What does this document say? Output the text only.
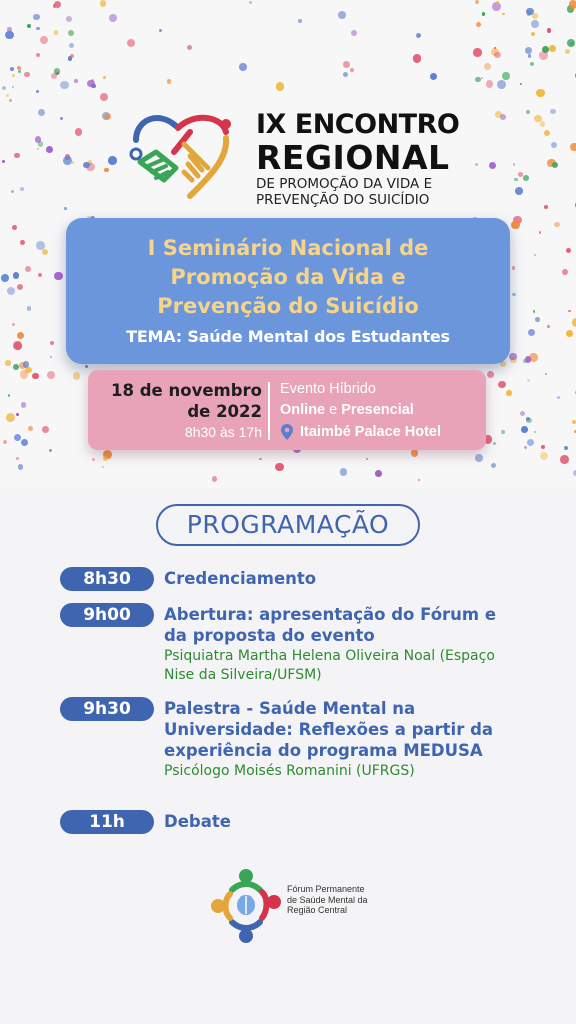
IX ENCONTRO
REGIONAL
DE PROMOÇÃO DA VIDA E PREVENÇÃO DO SUICÍDIO
I Seminário Nacional de Promoção da Vida e Prevenção do Suicídio
TEMA: Saúde Mental dos Estudantes
18 de novembro de 2022
8h30 às 17h
Evento Híbrido
Online e Presencial
Itaimbé Palace Hotel
PROGRAMAÇÃO
8h30	Credenciamento
9h00	Abertura: apresentação do Fórum e da proposta do evento
Psiquiatra Martha Helena Oliveira Noal (Espaço Nise da Silveira/UFSM)
9h30	Palestra - Saúde Mental na Universidade: Reflexões a partir da experiência do programa MEDUSA
Psicólogo Moisés Romanini (UFRGS)
11h	Debate
Fórum Permanente de Saúde Mental da Região Central
